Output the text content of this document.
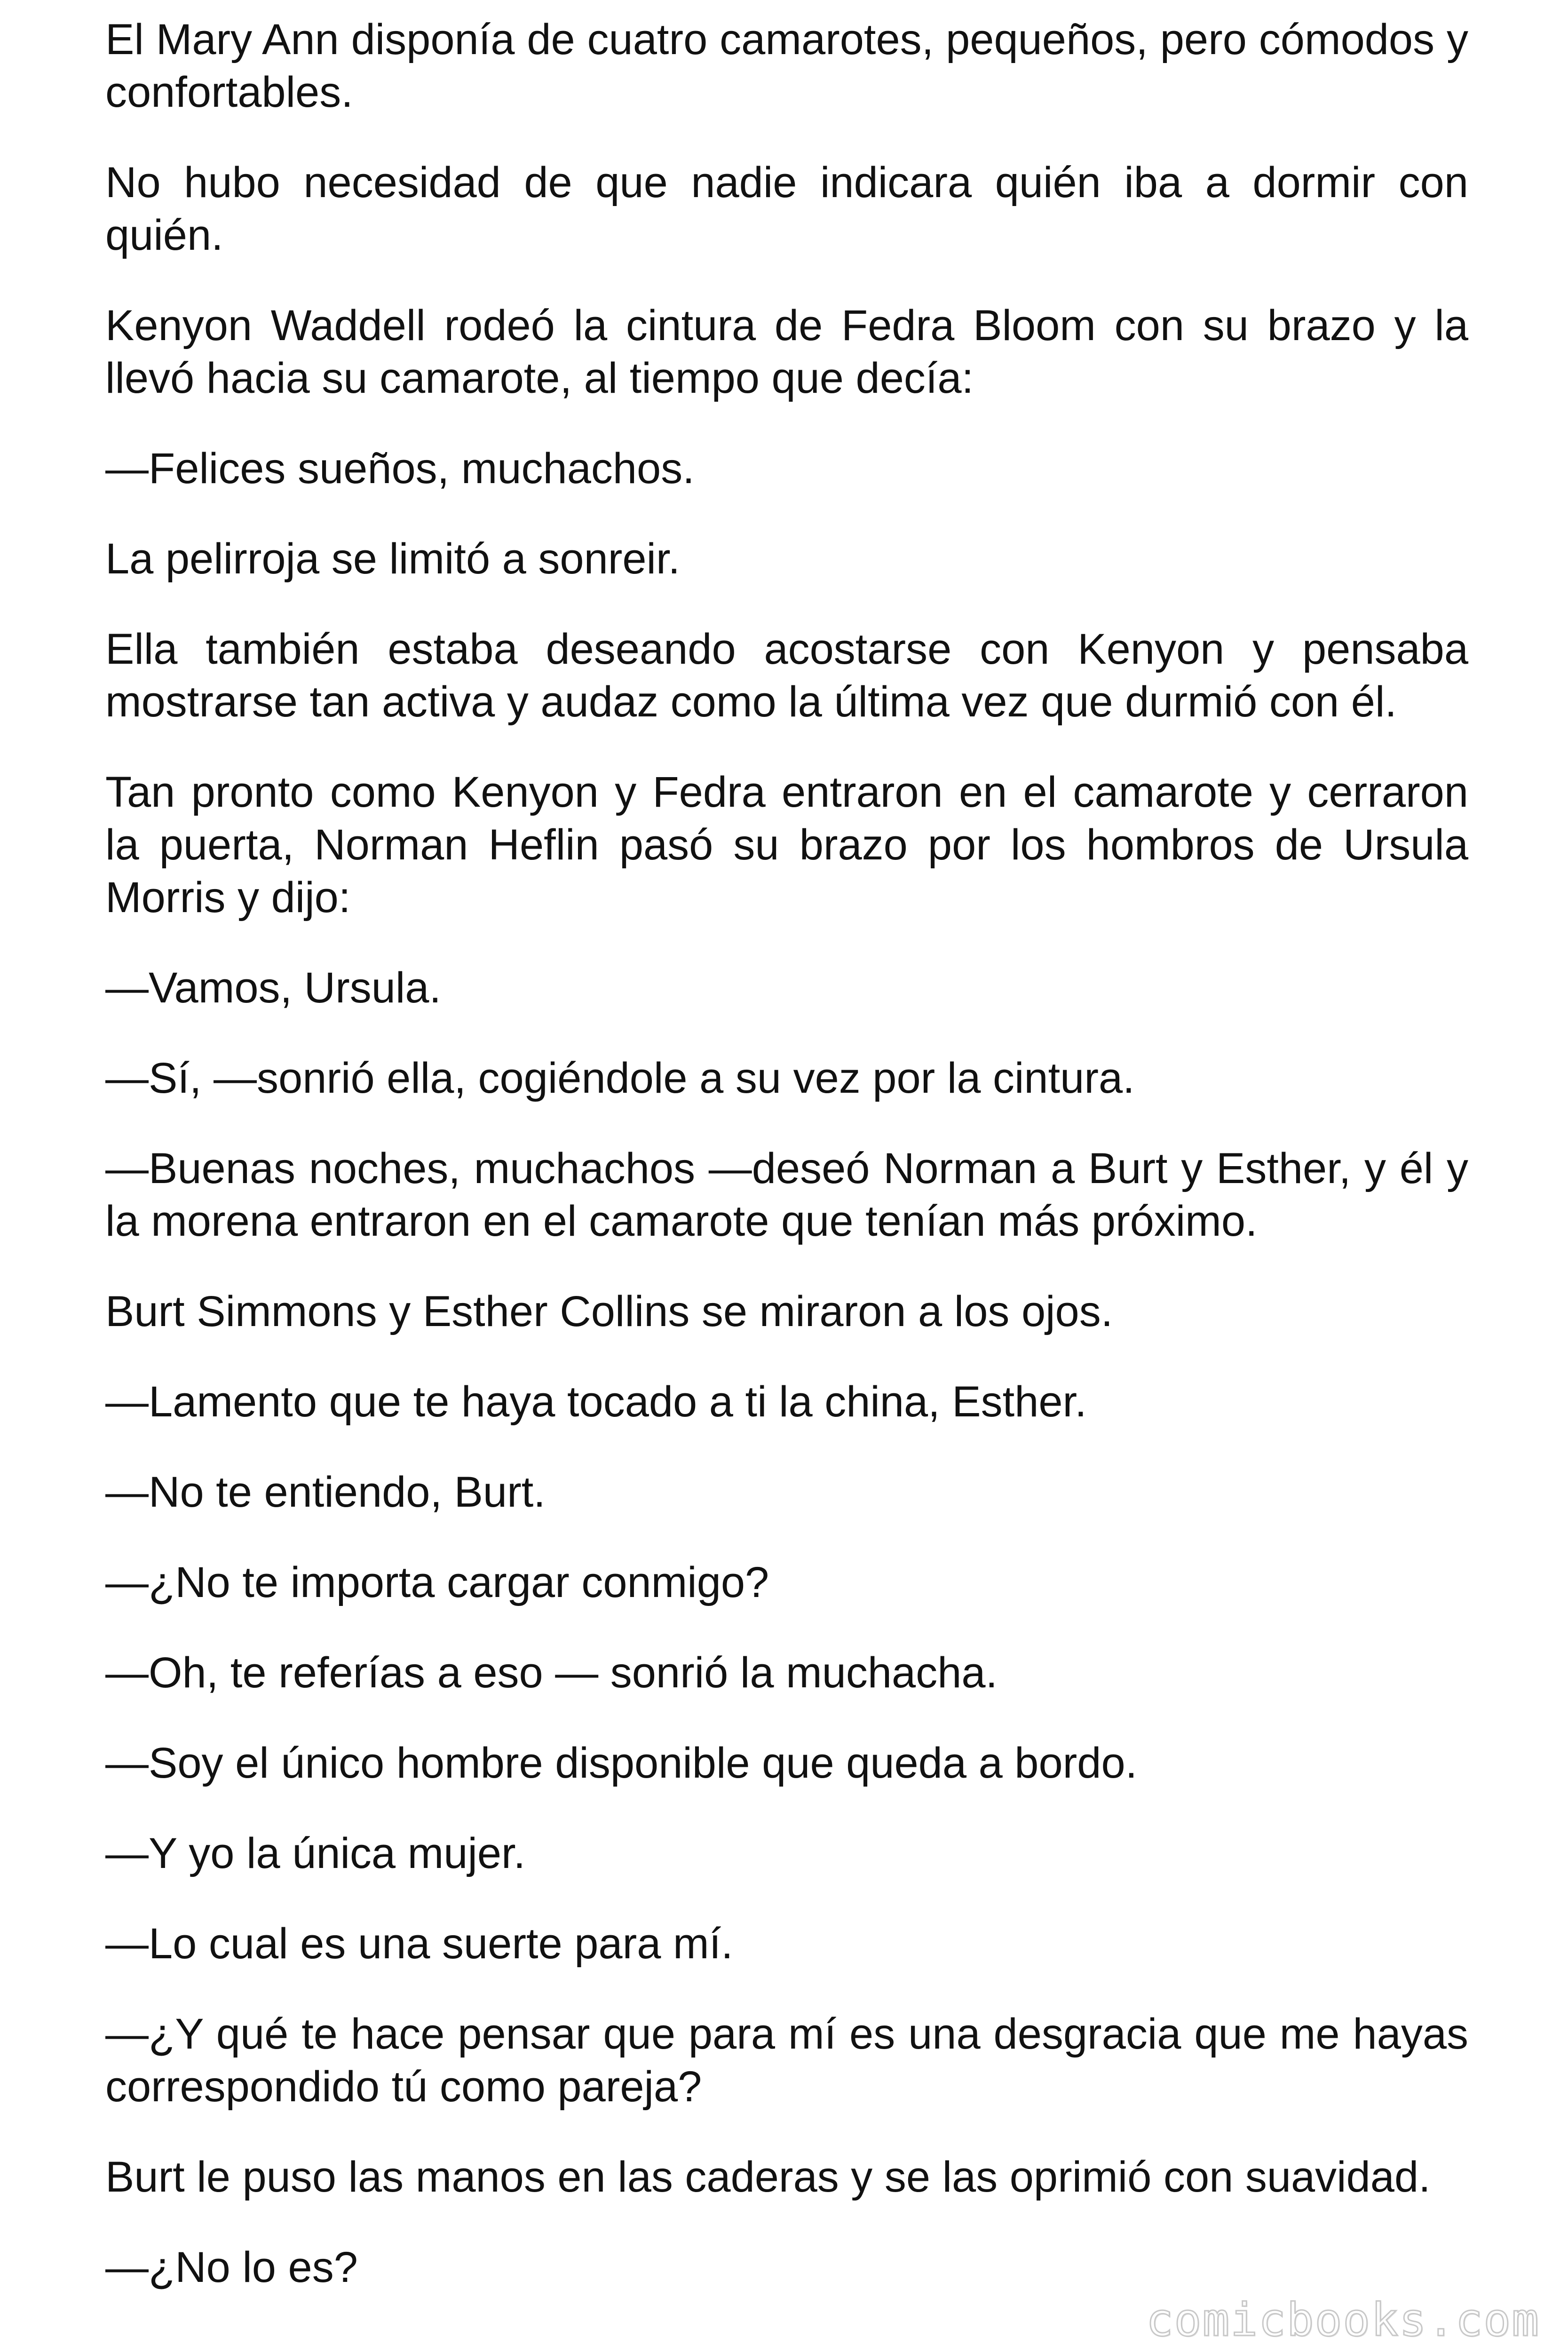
El Mary Ann disponía de cuatro camarotes, pequeños, pero cómodos y confortables.

No hubo necesidad de que nadie indicara quién iba a dormir con quién.

Kenyon Waddell rodeó la cintura de Fedra Bloom con su brazo y la llevó hacia su camarote, al tiempo que decía:

—Felices sueños, muchachos.

La pelirroja se limitó a sonreir.

Ella también estaba deseando acostarse con Kenyon y pensaba mostrarse tan activa y audaz como la última vez que durmió con él.

Tan pronto como Kenyon y Fedra entraron en el camarote y cerraron la puerta, Norman Heflin pasó su brazo por los hombros de Ursula Morris y dijo:

—Vamos, Ursula.

—Sí, —sonrió ella, cogiéndole a su vez por la cintura.

—Buenas noches, muchachos —deseó Norman a Burt y Esther, y él y la morena entraron en el camarote que tenían más próximo.

Burt Simmons y Esther Collins se miraron a los ojos.

—Lamento que te haya tocado a ti la china, Esther.

—No te entiendo, Burt.

—¿No te importa cargar conmigo?

—Oh, te referías a eso — sonrió la muchacha.

—Soy el único hombre disponible que queda a bordo.

—Y yo la única mujer.

—Lo cual es una suerte para mí.

—¿Y qué te hace pensar que para mí es una desgracia que me hayas correspondido tú como pareja?

Burt le puso las manos en las caderas y se las oprimió con suavidad.

—¿No lo es?

comicbooks.com
